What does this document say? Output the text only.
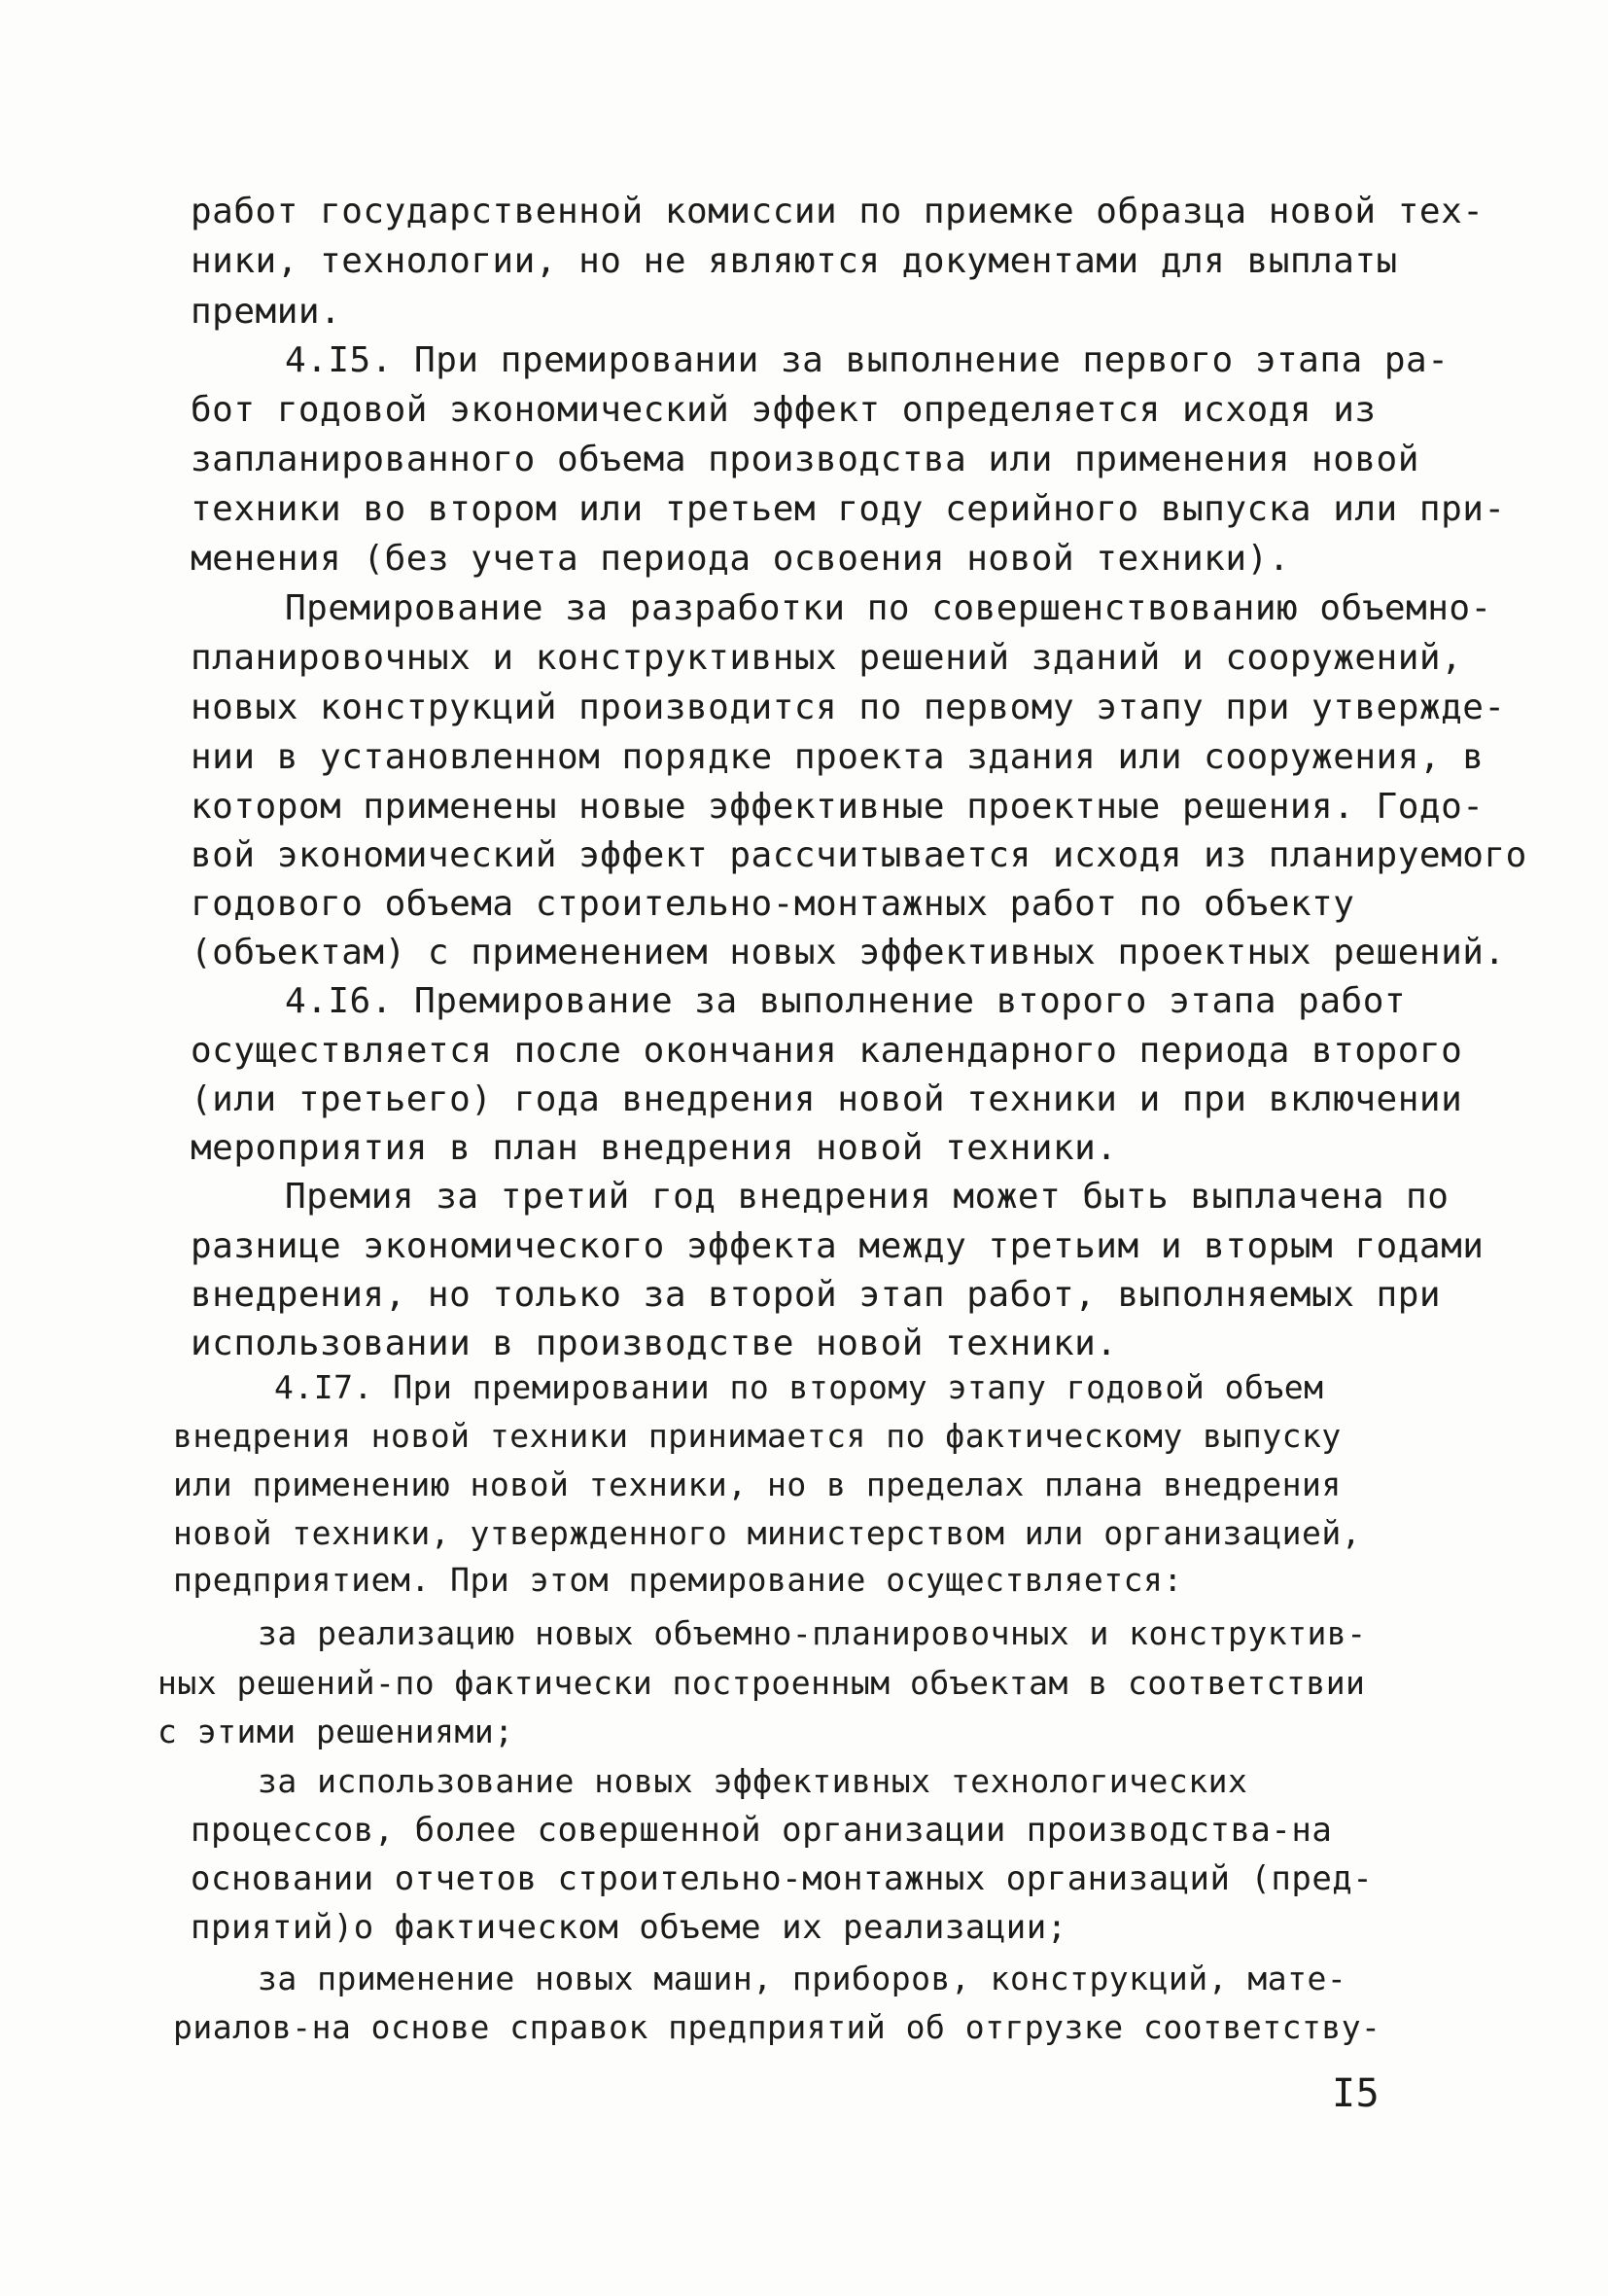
работ государственной комиссии по приемке образца новой тех-
ники, технологии, но не являются документами для выплаты
премии.
4.I5. При премировании за выполнение первого этапа ра-
бот годовой экономический эффект определяется исходя из
запланированного объема производства или применения новой
техники во втором или третьем году серийного выпуска или при-
менения (без учета периода освоения новой техники).
Премирование за разработки по совершенствованию объемно-
планировочных и конструктивных решений зданий и сооружений,
новых конструкций производится по первому этапу при утвержде-
нии в установленном порядке проекта здания или сооружения, в
котором применены новые эффективные проектные решения. Годо-
вой экономический эффект рассчитывается исходя из планируемого
годового объема строительно-монтажных работ по объекту
(объектам) с применением новых эффективных проектных решений.
4.I6. Премирование за выполнение второго этапа работ
осуществляется после окончания календарного периода второго
(или третьего) года внедрения новой техники и при включении
мероприятия в план внедрения новой техники.
Премия за третий год внедрения может быть выплачена по
разнице экономического эффекта между третьим и вторым годами
внедрения, но только за второй этап работ, выполняемых при
использовании в производстве новой техники.
4.I7. При премировании по второму этапу годовой объем
внедрения новой техники принимается по фактическому выпуску
или применению новой техники, но в пределах плана внедрения
новой техники, утвержденного министерством или организацией,
предприятием. При этом премирование осуществляется:
за реализацию новых объемно-планировочных и конструктив-
ных решений-по фактически построенным объектам в соответствии
с этими решениями;
за использование новых эффективных технологических
процессов, более совершенной организации производства-на
основании отчетов строительно-монтажных организаций (пред-
приятий)о фактическом объеме их реализации;
за применение новых машин, приборов, конструкций, мате-
риалов-на основе справок предприятий об отгрузке соответству-
I5
